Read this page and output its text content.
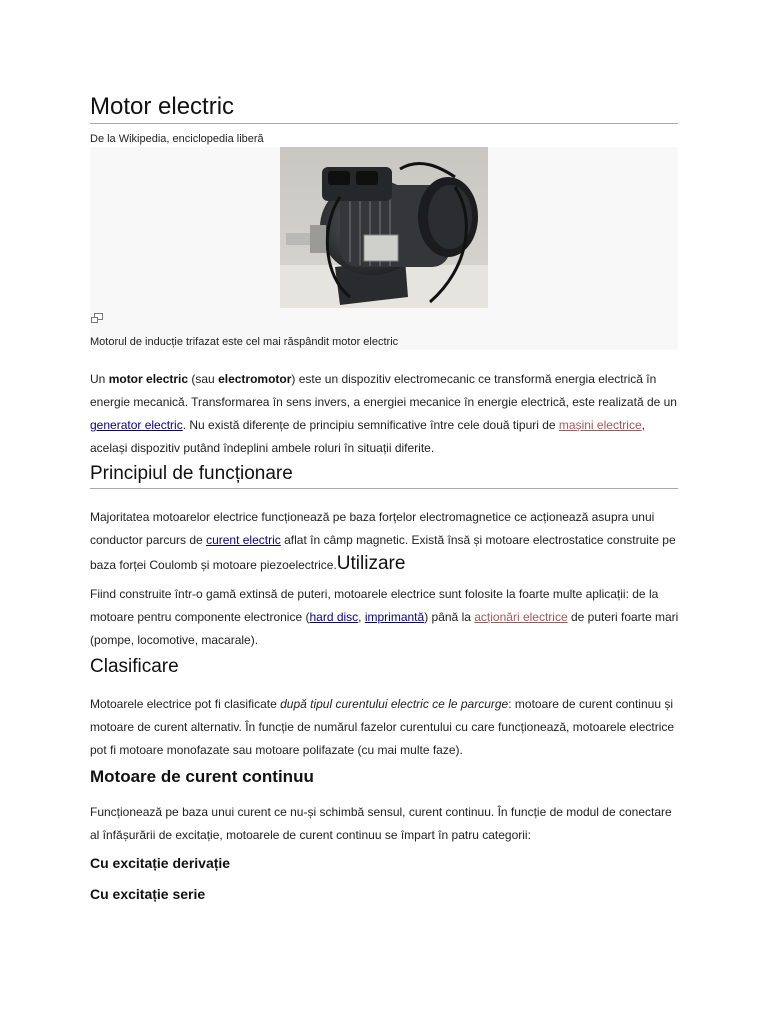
Motor electric
De la Wikipedia, enciclopedia liberă
Motorul de inducție trifazat este cel mai răspândit motor electric

Un motor electric (sau electromotor) este un dispozitiv electromecanic ce transformă energia electrică în energie mecanică. Transformarea în sens invers, a energiei mecanice în energie electrică, este realizată de un generator electric. Nu există diferențe de principiu semnificative între cele două tipuri de mașini electrice, același dispozitiv putând îndeplini ambele roluri în situații diferite.

Principiul de funcționare

Majoritatea motoarelor electrice funcționează pe baza forțelor electromagnetice ce acționează asupra unui conductor parcurs de curent electric aflat în câmp magnetic. Există însă și motoare electrostatice construite pe baza forței Coulomb și motoare piezoelectrice.Utilizare

Fiind construite într-o gamă extinsă de puteri, motoarele electrice sunt folosite la foarte multe aplicații: de la motoare pentru componente electronice (hard disc, imprimantă) până la acționări electrice de puteri foarte mari (pompe, locomotive, macarale).

Clasificare

Motoarele electrice pot fi clasificate după tipul curentului electric ce le parcurge: motoare de curent continuu și motoare de curent alternativ. În funcție de numărul fazelor curentului cu care funcționează, motoarele electrice pot fi motoare monofazate sau motoare polifazate (cu mai multe faze).

Motoare de curent continuu

Funcționează pe baza unui curent ce nu-și schimbă sensul, curent continuu. În funcție de modul de conectare al înfășurării de excitație, motoarele de curent continuu se împart în patru categorii:

Cu excitație derivație
Cu excitație serie
